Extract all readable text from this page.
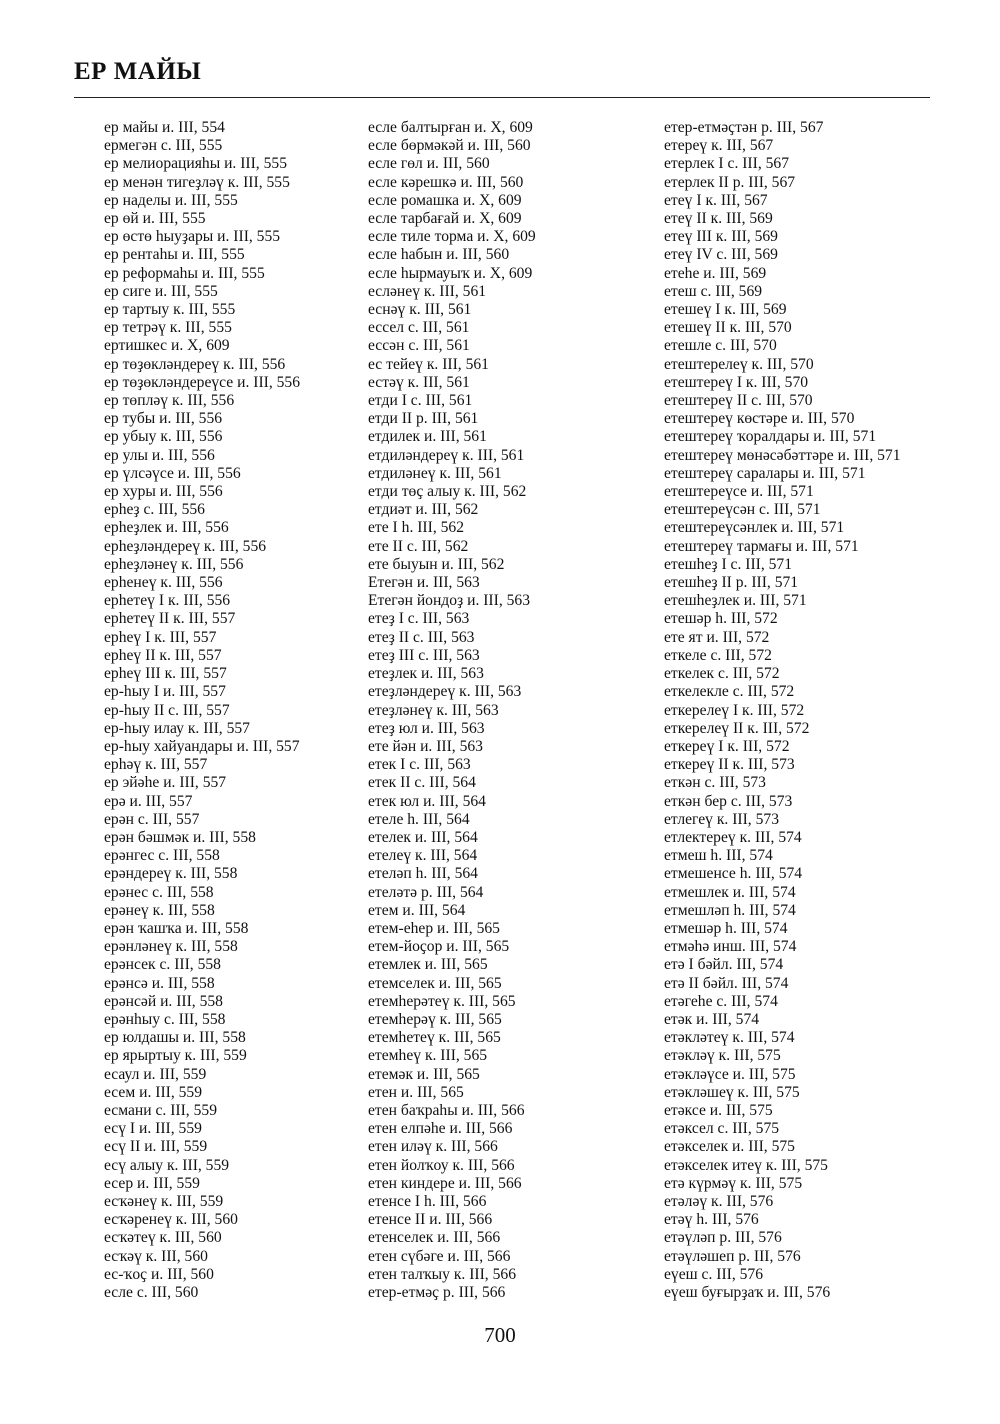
ЕР МАЙЫ
ер майы и. III, 554
ермегән с. III, 555
ер мелиорацияһы и. III, 555
ер менән тигеҙләү к. III, 555
ер наделы и. III, 555
ер өй и. III, 555
ер өстө һыуҙары и. III, 555
ер рентаһы и. III, 555
ер реформаһы и. III, 555
ер сиге и. III, 555
ер тартыу к. III, 555
ер тетрәү к. III, 555
ертишкес и. X, 609
ер төҙөкләндереү к. III, 556
ер төҙөкләндереүсе и. III, 556
ер төпләү к. III, 556
ер тубы и. III, 556
ер убыу к. III, 556
ер улы и. III, 556
ер үлсәүсе и. III, 556
ер хуры и. III, 556
ерһеҙ с. III, 556
ерһеҙлек и. III, 556
ерһеҙләндереү к. III, 556
ерһеҙләнеү к. III, 556
ерһенеү к. III, 556
ерһетеү I к. III, 556
ерһетеү II к. III, 557
ерһеү I к. III, 557
ерһеү II к. III, 557
ерһеү III к. III, 557
ер-һыу I и. III, 557
ер-һыу II с. III, 557
ер-һыу илау к. III, 557
ер-һыу хайуандары и. III, 557
ерһәү к. III, 557
ер эйәһе и. III, 557
ерә и. III, 557
ерән с. III, 557
ерән бәшмәк и. III, 558
ерәнгес с. III, 558
ерәндереү к. III, 558
ерәнес с. III, 558
ерәнеү к. III, 558
ерән ҡашҡа и. III, 558
ерәнләнеү к. III, 558
ерәнсек с. III, 558
ерәнсә и. III, 558
ерәнсәй и. III, 558
ерәнһыу с. III, 558
ер юлдашы и. III, 558
ер ярыртыу к. III, 559
есаул и. III, 559
есем и. III, 559
есмани с. III, 559
есү I и. III, 559
есү II и. III, 559
есү алыу к. III, 559
есер и. III, 559
есҡәнеү к. III, 559
есҡәренеү к. III, 560
есҡәтеү к. III, 560
есҡәү к. III, 560
ес-ҡоҫ и. III, 560
есле с. III, 560
есле балтырған и. X, 609
есле бөрмәкәй и. III, 560
есле гөл и. III, 560
есле кәрешкә и. III, 560
есле ромашка и. X, 609
есле тарбағай и. X, 609
есле тиле торма и. X, 609
есле һабын и. III, 560
есле һырмауыҡ и. X, 609
есләнеү к. III, 561
еснәү к. III, 561
ессел с. III, 561
ессән с. III, 561
ес тейеү к. III, 561
естәү к. III, 561
етди I с. III, 561
етди II р. III, 561
етдилек и. III, 561
етдиләндереү к. III, 561
етдиләнеү к. III, 561
етди төҫ алыу к. III, 562
етдиәт и. III, 562
ете I h. III, 562
ете II с. III, 562
ете быуын и. III, 562
Етегән и. III, 563
Етегән йондоҙ и. III, 563
етеҙ I с. III, 563
етеҙ II с. III, 563
етеҙ III с. III, 563
етеҙлек и. III, 563
етеҙләндереү к. III, 563
етеҙләнеү к. III, 563
етеҙ юл и. III, 563
ете йән и. III, 563
етек I с. III, 563
етек II с. III, 564
етек юл и. III, 564
етеле h. III, 564
етелек и. III, 564
етелеү к. III, 564
етеләп h. III, 564
етеләтә р. III, 564
етем и. III, 564
етем-еһер и. III, 565
етем-йоҫор и. III, 565
етемлек и. III, 565
етемселек и. III, 565
етемһерәтеү к. III, 565
етемһерәү к. III, 565
етемһетеү к. III, 565
етемһеү к. III, 565
етемәк и. III, 565
етен и. III, 565
етен баҡраһы и. III, 566
етен елпәһе и. III, 566
етен иләү к. III, 566
етен йолҡоу к. III, 566
етен киндере и. III, 566
етенсе I h. III, 566
етенсе II и. III, 566
етенселек и. III, 566
етен сүбәге и. III, 566
етен талҡыу к. III, 566
етер-етмәҫ р. III, 566
етер-етмәҫтән р. III, 567
етереү к. III, 567
етерлек I с. III, 567
етерлек II р. III, 567
етеү I к. III, 567
етеү II к. III, 569
етеү III к. III, 569
етеү IV с. III, 569
етеһе и. III, 569
етеш с. III, 569
етешеү I к. III, 569
етешеү II к. III, 570
етешле с. III, 570
етештерелеү к. III, 570
етештереү I к. III, 570
етештереү II с. III, 570
етештереү көстәре и. III, 570
етештереү ҡоралдары и. III, 571
етештереү мөнәсәбәттәре и. III, 571
етештереү саралары и. III, 571
етештереүсе и. III, 571
етештереүсән с. III, 571
етештереүсәнлек и. III, 571
етештереү тармағы и. III, 571
етешһеҙ I с. III, 571
етешһеҙ II р. III, 571
етешһеҙлек и. III, 571
етешәр h. III, 572
ете ят и. III, 572
еткеле с. III, 572
еткелек с. III, 572
еткелекле с. III, 572
еткерелеү I к. III, 572
еткерелеү II к. III, 572
еткереү I к. III, 572
еткереү II к. III, 573
еткән с. III, 573
еткән бер с. III, 573
етлегеү к. III, 573
етлектереү к. III, 574
етмеш h. III, 574
етмешенсе h. III, 574
етмешлек и. III, 574
етмешләп h. III, 574
етмешәр h. III, 574
етмәһә инш. III, 574
етә I бәйл. III, 574
етә II бәйл. III, 574
етәгеһе с. III, 574
етәк и. III, 574
етәкләтеү к. III, 574
етәкләү к. III, 575
етәкләүсе и. III, 575
етәкләшеү к. III, 575
етәксе и. III, 575
етәксел с. III, 575
етәкселек и. III, 575
етәкселек итеү к. III, 575
етә күрмәү к. III, 575
етәләү к. III, 576
етәү h. III, 576
етәүләп р. III, 576
етәүләшеп р. III, 576
еүеш с. III, 576
еүеш буғырҙаҡ и. III, 576
700
